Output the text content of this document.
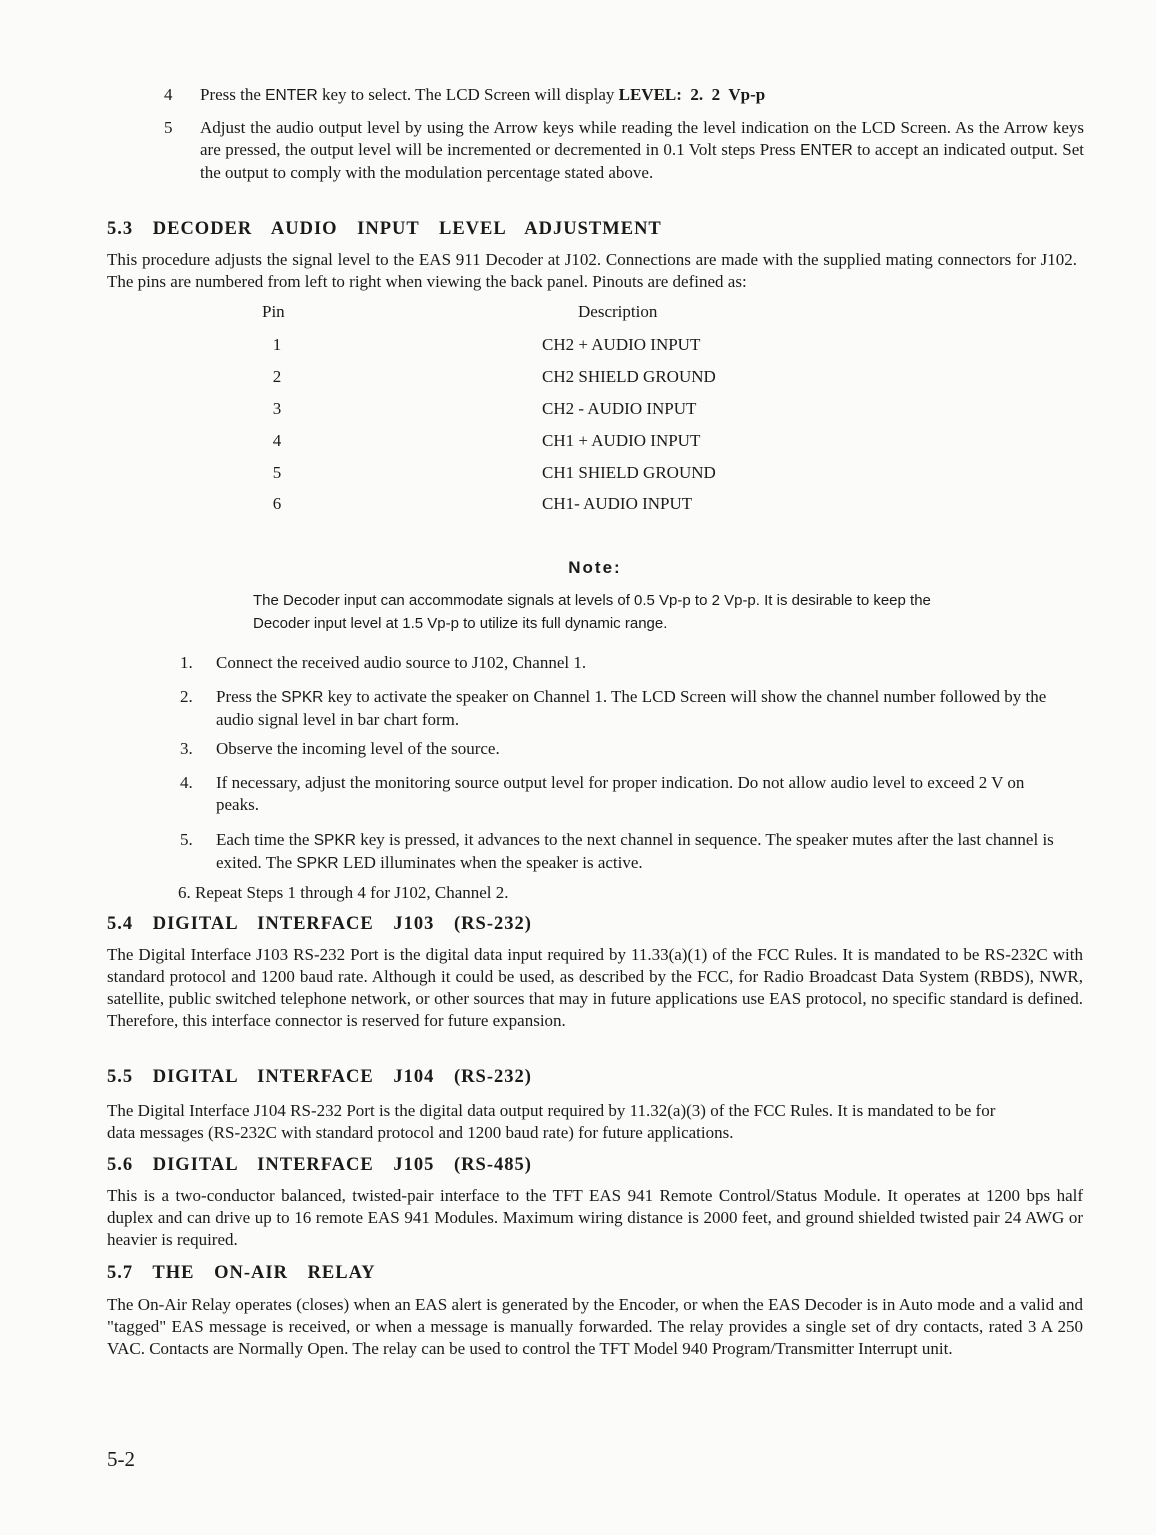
4	Press the ENTER key to select. The LCD Screen will display LEVEL:  2.  2  Vp-p
5	Adjust the audio output level by using the Arrow keys while reading the level indication on the LCD Screen. As the Arrow keys are pressed, the output level will be incremented or decremented in 0.1 Volt steps Press ENTER to accept an indicated output. Set the output to comply with the modulation percentage stated above.
5.3 DECODER AUDIO INPUT LEVEL ADJUSTMENT
This procedure adjusts the signal level to the EAS 911 Decoder at J102. Connections are made with the supplied mating connectors for J102. The pins are numbered from left to right when viewing the back panel. Pinouts are defined as:
Pin	Description
1	CH2 + AUDIO INPUT
2	CH2 SHIELD GROUND
3	CH2 - AUDIO INPUT
4	CH1 + AUDIO INPUT
5	CH1 SHIELD GROUND
6	CH1- AUDIO INPUT
Note:
The Decoder input can accommodate signals at levels of 0.5 Vp-p to 2 Vp-p. It is desirable to keep the Decoder input level at 1.5 Vp-p to utilize its full dynamic range.
1.	Connect the received audio source to J102, Channel 1.
2.	Press the SPKR key to activate the speaker on Channel 1. The LCD Screen will show the channel number followed by the audio signal level in bar chart form.
3.	Observe the incoming level of the source.
4.	If necessary, adjust the monitoring source output level for proper indication. Do not allow audio level to exceed 2 V on peaks.
5.	Each time the SPKR key is pressed, it advances to the next channel in sequence. The speaker mutes after the last channel is exited. The SPKR LED illuminates when the speaker is active.
6. Repeat Steps 1 through 4 for J102, Channel 2.
5.4 DIGITAL INTERFACE J103 (RS-232)
The Digital Interface J103 RS-232 Port is the digital data input required by 11.33(a)(1) of the FCC Rules. It is mandated to be RS-232C with standard protocol and 1200 baud rate. Although it could be used, as described by the FCC, for Radio Broadcast Data System (RBDS), NWR, satellite, public switched telephone network, or other sources that may in future applications use EAS protocol, no specific standard is defined. Therefore, this interface connector is reserved for future expansion.
5.5 DIGITAL INTERFACE J104 (RS-232)
The Digital Interface J104 RS-232 Port is the digital data output required by 11.32(a)(3) of the FCC Rules. It is mandated to be for data messages (RS-232C with standard protocol and 1200 baud rate) for future applications.
5.6 DIGITAL INTERFACE J105 (RS-485)
This is a two-conductor balanced, twisted-pair interface to the TFT EAS 941 Remote Control/Status Module. It operates at 1200 bps half duplex and can drive up to 16 remote EAS 941 Modules. Maximum wiring distance is 2000 feet, and ground shielded twisted pair 24 AWG or heavier is required.
5.7 THE ON-AIR RELAY
The On-Air Relay operates (closes) when an EAS alert is generated by the Encoder, or when the EAS Decoder is in Auto mode and a valid and "tagged" EAS message is received, or when a message is manually forwarded. The relay provides a single set of dry contacts, rated 3 A 250 VAC. Contacts are Normally Open. The relay can be used to control the TFT Model 940 Program/Transmitter Interrupt unit.
5-2
